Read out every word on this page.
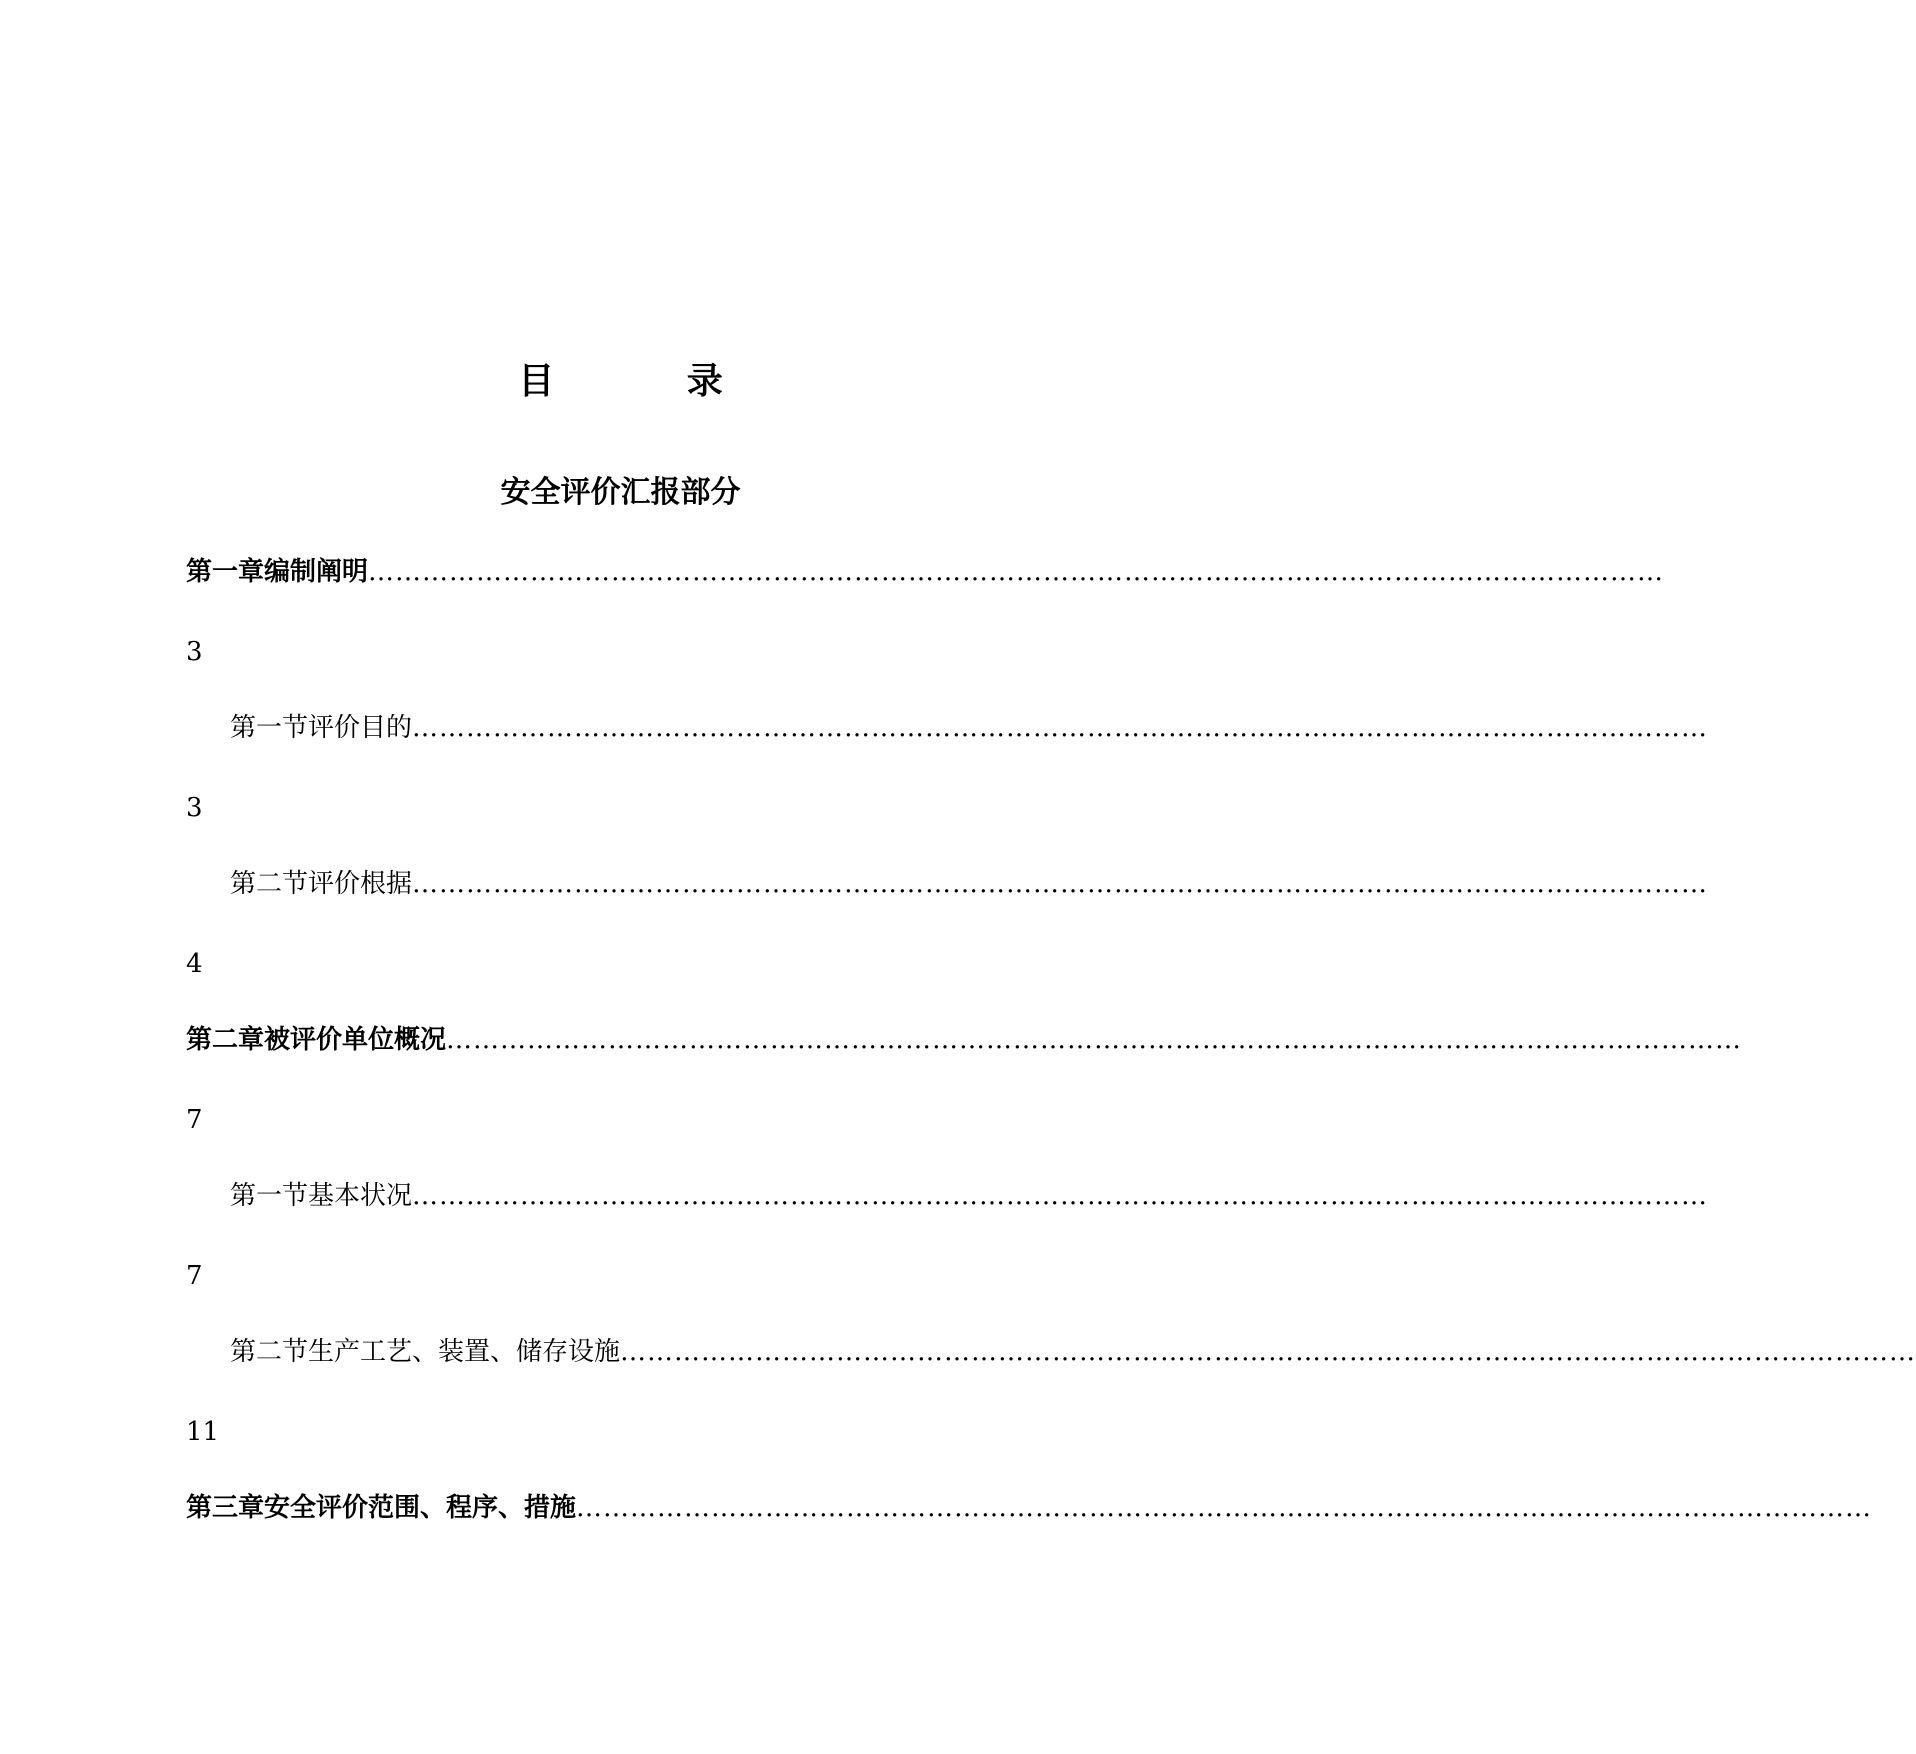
目 录
安全评价汇报部分
第一章 编制阐明 ………………………………………………………………………………………………………………………………
3
第一节 评价目的 ………………………………………………………………………………………………………………………………
3
第二节 评价根据 ………………………………………………………………………………………………………………………………
4
第二章 被评价单位概况 ………………………………………………………………………………………………………………………………
7
第一节 基本状况 ………………………………………………………………………………………………………………………………
7
第二节 生产工艺、装置、储存设施 ………………………………………………………………………………………………………………………………
11
第三章 安全评价范围、程序、措施 ………………………………………………………………………………………………………………………………
